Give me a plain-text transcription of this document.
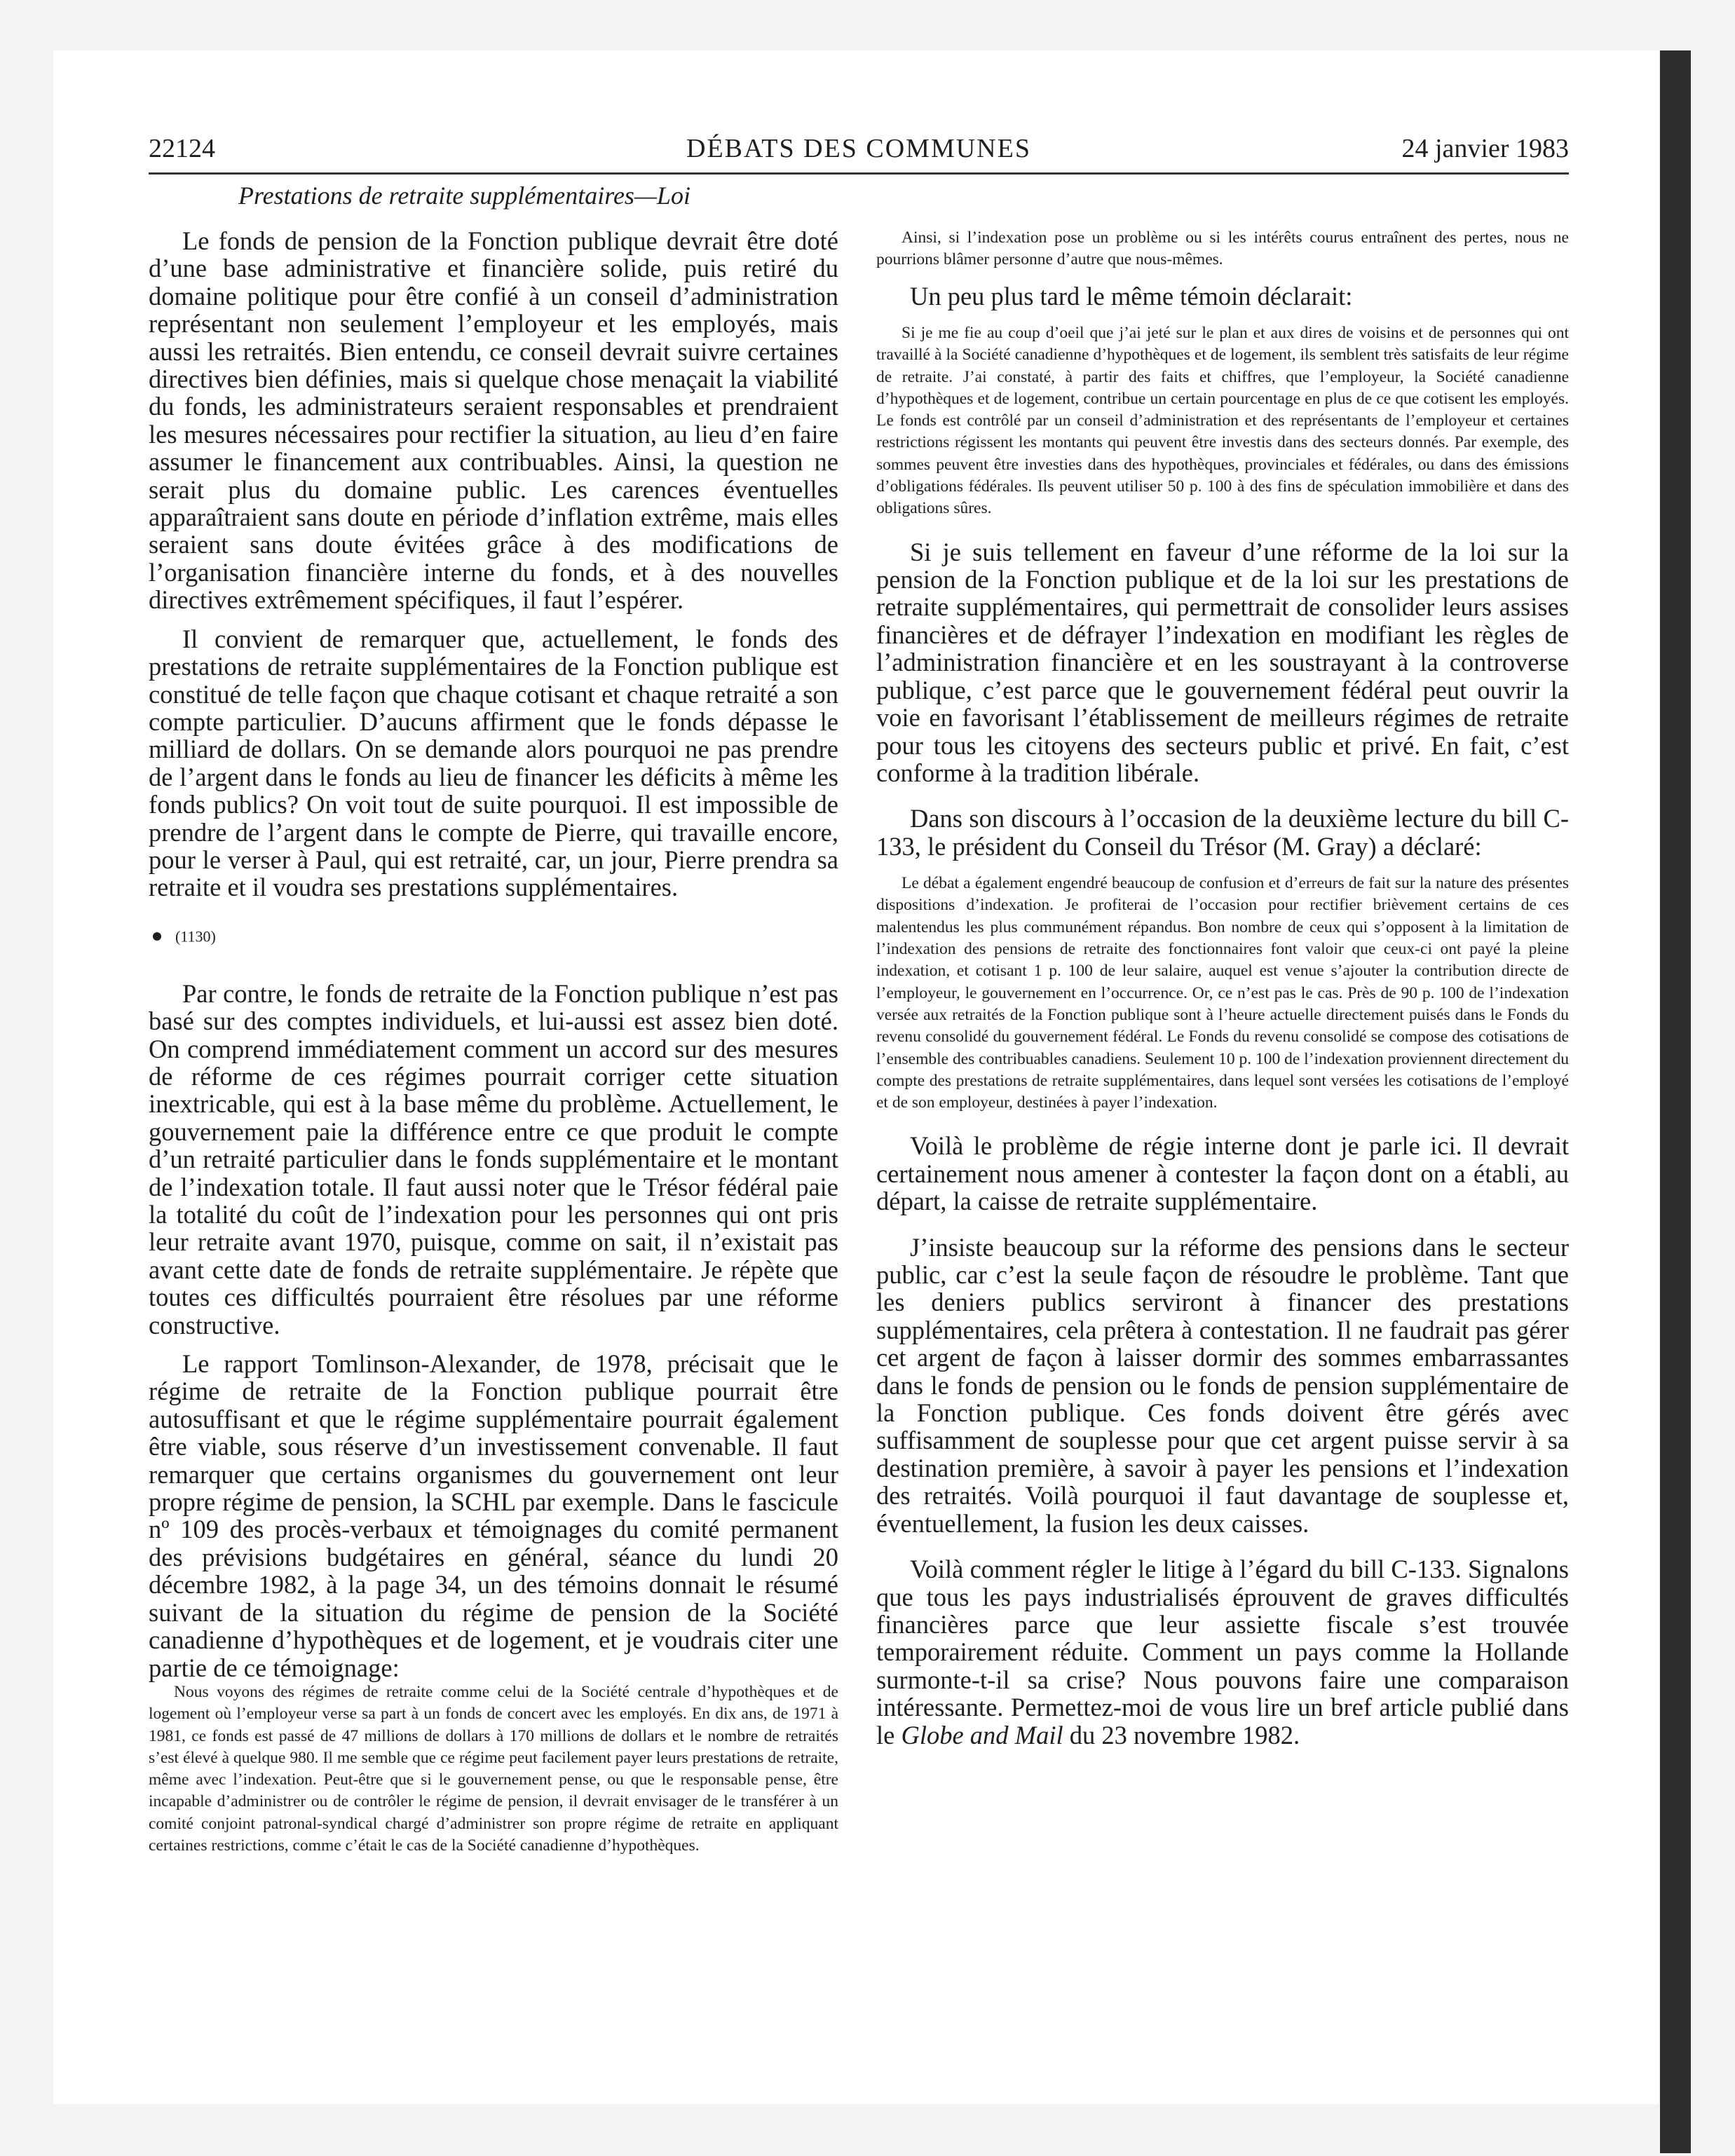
22124	DÉBATS DES COMMUNES	24 janvier 1983
Prestations de retraite supplémentaires—Loi

Le fonds de pension de la Fonction publique devrait être doté d’une base administrative et financière solide, puis retiré du domaine politique pour être confié à un conseil d’administration représentant non seulement l’employeur et les employés, mais aussi les retraités. Bien entendu, ce conseil devrait suivre certaines directives bien définies, mais si quelque chose menaçait la viabilité du fonds, les administrateurs seraient responsables et prendraient les mesures nécessaires pour rectifier la situation, au lieu d’en faire assumer le financement aux contribuables. Ainsi, la question ne serait plus du domaine public. Les carences éventuelles apparaîtraient sans doute en période d’inflation extrême, mais elles seraient sans doute évitées grâce à des modifications de l’organisation financière interne du fonds, et à des nouvelles directives extrêmement spécifiques, il faut l’espérer.

Il convient de remarquer que, actuellement, le fonds des prestations de retraite supplémentaires de la Fonction publique est constitué de telle façon que chaque cotisant et chaque retraité a son compte particulier. D’aucuns affirment que le fonds dépasse le milliard de dollars. On se demande alors pourquoi ne pas prendre de l’argent dans le fonds au lieu de financer les déficits à même les fonds publics? On voit tout de suite pourquoi. Il est impossible de prendre de l’argent dans le compte de Pierre, qui travaille encore, pour le verser à Paul, qui est retraité, car, un jour, Pierre prendra sa retraite et il voudra ses prestations supplémentaires.

(1130)

Par contre, le fonds de retraite de la Fonction publique n’est pas basé sur des comptes individuels, et lui-aussi est assez bien doté. On comprend immédiatement comment un accord sur des mesures de réforme de ces régimes pourrait corriger cette situation inextricable, qui est à la base même du problème. Actuellement, le gouvernement paie la différence entre ce que produit le compte d’un retraité particulier dans le fonds supplémentaire et le montant de l’indexation totale. Il faut aussi noter que le Trésor fédéral paie la totalité du coût de l’indexation pour les personnes qui ont pris leur retraite avant 1970, puisque, comme on sait, il n’existait pas avant cette date de fonds de retraite supplémentaire. Je répète que toutes ces difficultés pourraient être résolues par une réforme constructive.

Le rapport Tomlinson-Alexander, de 1978, précisait que le régime de retraite de la Fonction publique pourrait être autosuffisant et que le régime supplémentaire pourrait également être viable, sous réserve d’un investissement convenable. Il faut remarquer que certains organismes du gouvernement ont leur propre régime de pension, la SCHL par exemple. Dans le fascicule nº 109 des procès-verbaux et témoignages du comité permanent des prévisions budgétaires en général, séance du lundi 20 décembre 1982, à la page 34, un des témoins donnait le résumé suivant de la situation du régime de pension de la Société canadienne d’hypothèques et de logement, et je voudrais citer une partie de ce témoignage:

Nous voyons des régimes de retraite comme celui de la Société centrale d’hypothèques et de logement où l’employeur verse sa part à un fonds de concert avec les employés. En dix ans, de 1971 à 1981, ce fonds est passé de 47 millions de dollars à 170 millions de dollars et le nombre de retraités s’est élevé à quelque 980. Il me semble que ce régime peut facilement payer leurs prestations de retraite, même avec l’indexation. Peut-être que si le gouvernement pense, ou que le responsable pense, être incapable d’administrer ou de contrôler le régime de pension, il devrait envisager de le transférer à un comité conjoint patronal-syndical chargé d’administrer son propre régime de retraite en appliquant certaines restrictions, comme c’était le cas de la Société canadienne d’hypothèques.

Ainsi, si l’indexation pose un problème ou si les intérêts courus entraînent des pertes, nous ne pourrions blâmer personne d’autre que nous-mêmes.

Un peu plus tard le même témoin déclarait:

Si je me fie au coup d’oeil que j’ai jeté sur le plan et aux dires de voisins et de personnes qui ont travaillé à la Société canadienne d’hypothèques et de logement, ils semblent très satisfaits de leur régime de retraite. J’ai constaté, à partir des faits et chiffres, que l’employeur, la Société canadienne d’hypothèques et de logement, contribue un certain pourcentage en plus de ce que cotisent les employés. Le fonds est contrôlé par un conseil d’administration et des représentants de l’employeur et certaines restrictions régissent les montants qui peuvent être investis dans des secteurs donnés. Par exemple, des sommes peuvent être investies dans des hypothèques, provinciales et fédérales, ou dans des émissions d’obligations fédérales. Ils peuvent utiliser 50 p. 100 à des fins de spéculation immobilière et dans des obligations sûres.

Si je suis tellement en faveur d’une réforme de la loi sur la pension de la Fonction publique et de la loi sur les prestations de retraite supplémentaires, qui permettrait de consolider leurs assises financières et de défrayer l’indexation en modifiant les règles de l’administration financière et en les soustrayant à la controverse publique, c’est parce que le gouvernement fédéral peut ouvrir la voie en favorisant l’établissement de meilleurs régimes de retraite pour tous les citoyens des secteurs public et privé. En fait, c’est conforme à la tradition libérale.

Dans son discours à l’occasion de la deuxième lecture du bill C-133, le président du Conseil du Trésor (M. Gray) a déclaré:

Le débat a également engendré beaucoup de confusion et d’erreurs de fait sur la nature des présentes dispositions d’indexation. Je profiterai de l’occasion pour rectifier brièvement certains de ces malentendus les plus communément répandus. Bon nombre de ceux qui s’opposent à la limitation de l’indexation des pensions de retraite des fonctionnaires font valoir que ceux-ci ont payé la pleine indexation, et cotisant 1 p. 100 de leur salaire, auquel est venue s’ajouter la contribution directe de l’employeur, le gouvernement en l’occurrence. Or, ce n’est pas le cas. Près de 90 p. 100 de l’indexation versée aux retraités de la Fonction publique sont à l’heure actuelle directement puisés dans le Fonds du revenu consolidé du gouvernement fédéral. Le Fonds du revenu consolidé se compose des cotisations de l’ensemble des contribuables canadiens. Seulement 10 p. 100 de l’indexation proviennent directement du compte des prestations de retraite supplémentaires, dans lequel sont versées les cotisations de l’employé et de son employeur, destinées à payer l’indexation.

Voilà le problème de régie interne dont je parle ici. Il devrait certainement nous amener à contester la façon dont on a établi, au départ, la caisse de retraite supplémentaire.

J’insiste beaucoup sur la réforme des pensions dans le secteur public, car c’est la seule façon de résoudre le problème. Tant que les deniers publics serviront à financer des prestations supplémentaires, cela prêtera à contestation. Il ne faudrait pas gérer cet argent de façon à laisser dormir des sommes embarrassantes dans le fonds de pension ou le fonds de pension supplémentaire de la Fonction publique. Ces fonds doivent être gérés avec suffisamment de souplesse pour que cet argent puisse servir à sa destination première, à savoir à payer les pensions et l’indexation des retraités. Voilà pourquoi il faut davantage de souplesse et, éventuellement, la fusion les deux caisses.

Voilà comment régler le litige à l’égard du bill C-133. Signalons que tous les pays industrialisés éprouvent de graves difficultés financières parce que leur assiette fiscale s’est trouvée temporairement réduite. Comment un pays comme la Hollande surmonte-t-il sa crise? Nous pouvons faire une comparaison intéressante. Permettez-moi de vous lire un bref article publié dans le Globe and Mail du 23 novembre 1982.
